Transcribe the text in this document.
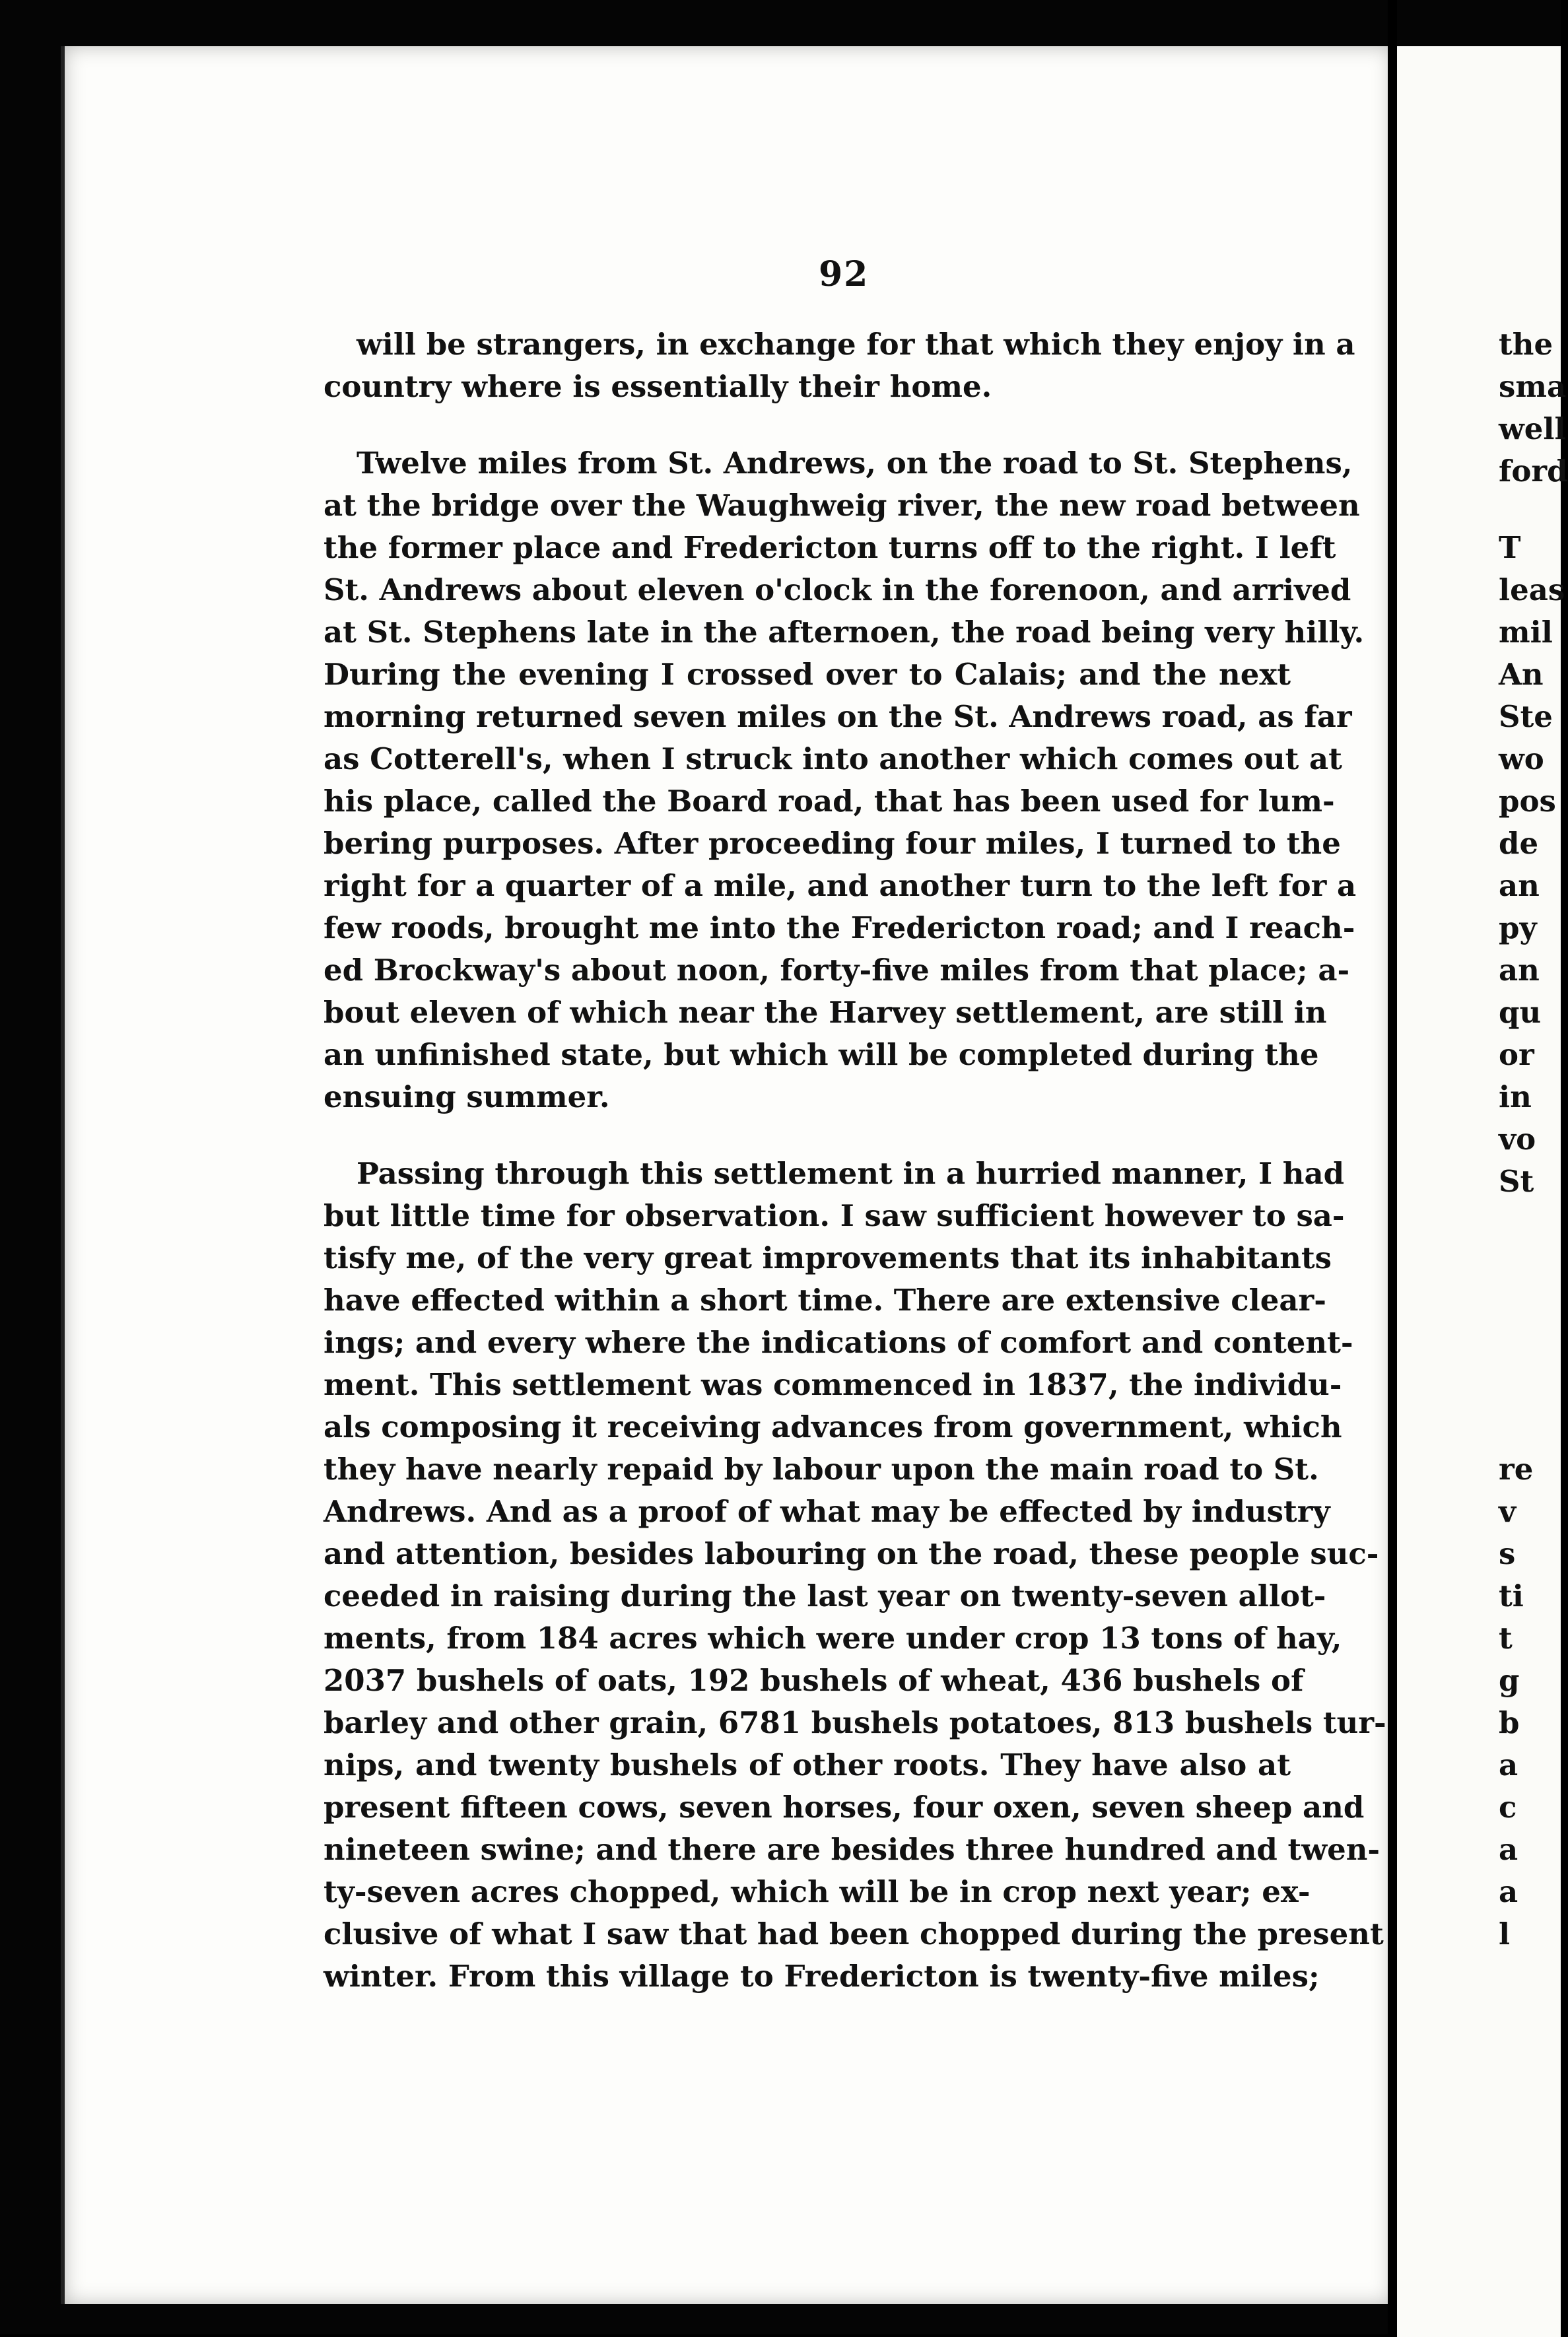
92

will be strangers, in exchange for that which they enjoy in a
country where is essentially their home.

Twelve miles from St. Andrews, on the road to St. Stephens,
at the bridge over the Waughweig river, the new road between
the former place and Fredericton turns off to the right. I left
St. Andrews about eleven o'clock in the forenoon, and arrived
at St. Stephens late in the afternoen, the road being very hilly.
During the evening I crossed over to Calais; and the next
morning returned seven miles on the St. Andrews road, as far
as Cotterell's, when I struck into another which comes out at
his place, called the Board road, that has been used for lum-
bering purposes. After proceeding four miles, I turned to the
right for a quarter of a mile, and another turn to the left for a
few roods, brought me into the Fredericton road; and I reach-
ed Brockway's about noon, forty-five miles from that place; a-
bout eleven of which near the Harvey settlement, are still in
an unfinished state, but which will be completed during the
ensuing summer.

Passing through this settlement in a hurried manner, I had
but little time for observation. I saw sufficient however to sa-
tisfy me, of the very great improvements that its inhabitants
have effected within a short time. There are extensive clear-
ings; and every where the indications of comfort and content-
ment. This settlement was commenced in 1837, the individu-
als composing it receiving advances from government, which
they have nearly repaid by labour upon the main road to St.
Andrews. And as a proof of what may be effected by industry
and attention, besides labouring on the road, these people suc-
ceeded in raising during the last year on twenty-seven allot-
ments, from 184 acres which were under crop 13 tons of hay,
2037 bushels of oats, 192 bushels of wheat, 436 bushels of
barley and other grain, 6781 bushels potatoes, 813 bushels tur-
nips, and twenty bushels of other roots. They have also at
present fifteen cows, seven horses, four oxen, seven sheep and
nineteen swine; and there are besides three hundred and twen-
ty-seven acres chopped, which will be in crop next year; ex-
clusive of what I saw that had been chopped during the present
winter. From this village to Fredericton is twenty-five miles;

the
sma
well
ford
T
leas
mil
An
Ste
wo
pos
de
an
py
an
qu
or
in
vo
St
re
v
s
ti
t
g
b
a
c
a
a
l
